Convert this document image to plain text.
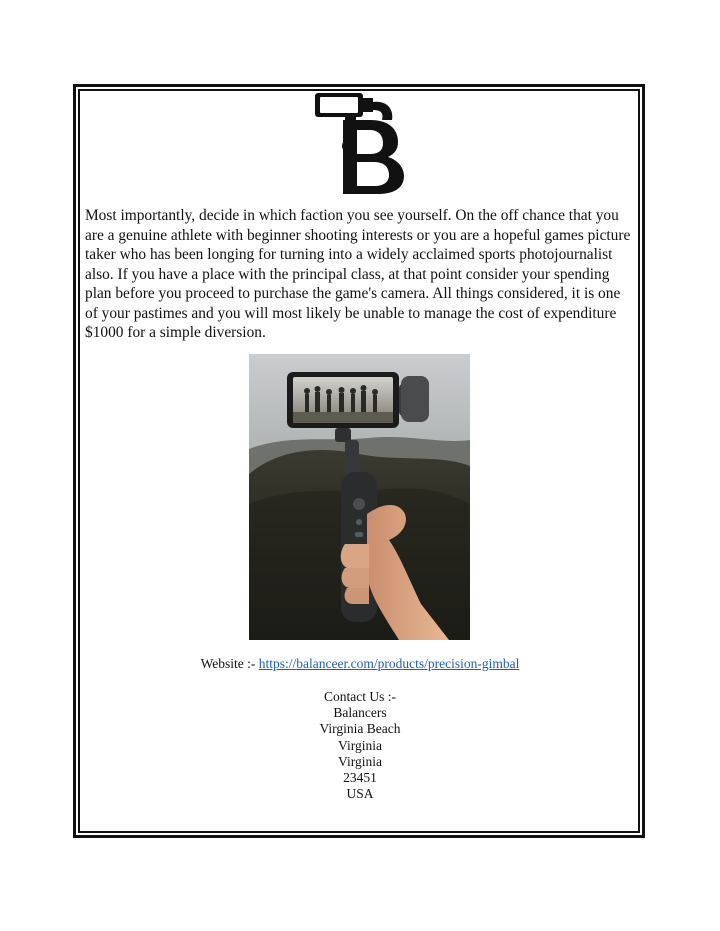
Most importantly, decide in which faction you see yourself. On the off chance that you are a genuine athlete with beginner shooting interests or you are a hopeful games picture taker who has been longing for turning into a widely acclaimed sports photojournalist also. If you have a place with the principal class, at that point consider your spending plan before you proceed to purchase the game's camera. All things considered, it is one of your pastimes and you will most likely be unable to manage the cost of expenditure $1000 for a simple diversion.

Website :- https://balanceer.com/products/precision-gimbal
Contact Us :-
Balancers
Virginia Beach
Virginia
Virginia
23451
USA
